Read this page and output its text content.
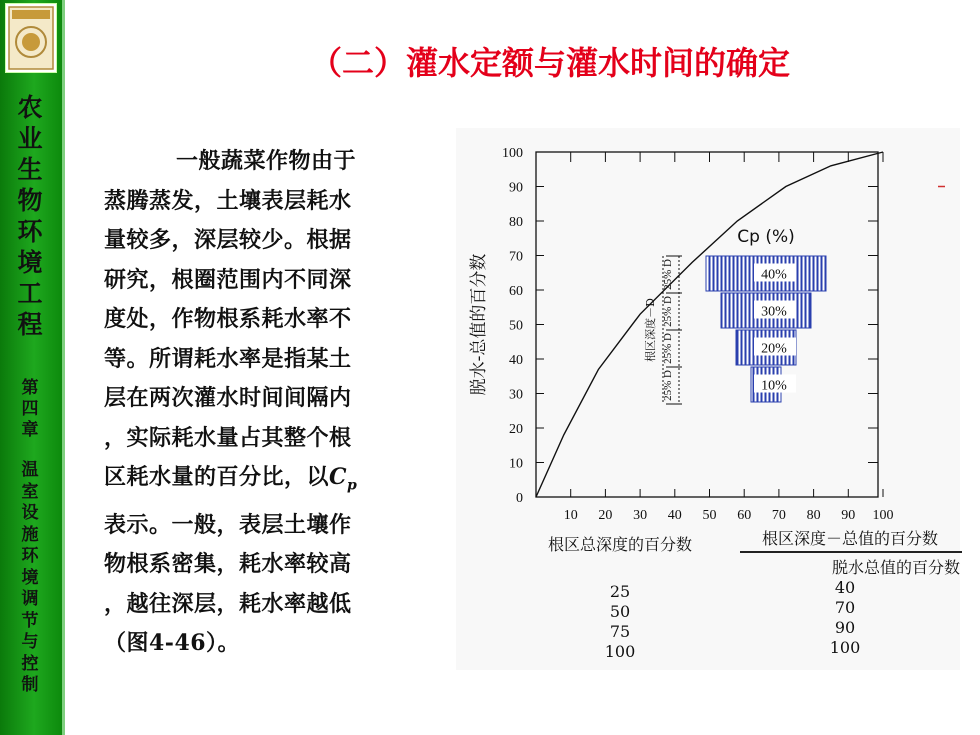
农
业
生
物
环
境
工
程
第
四
章
温
室
设
施
环
境
调
节
与
控
制
（二）灌水定额与灌水时间的确定
一般蔬菜作物由于
蒸腾蒸发，土壤表层耗水
量较多，深层较少。根据
研究，根圈范围内不同深
度处，作物根系耗水率不
等。所谓耗水率是指某土
层在两次灌水时间间隔内
，实际耗水量占其整个根
区耗水量的百分比，以$C_p$
表示。一般，表层土壤作
物根系密集，耗水率较高
，越往深层，耗水率越低
（图4-46）。
0
10
20
30
40
50
60
70
80
90
100
10 20 30 40 50 60 70 80 90 100
脱水-总值的百分数
Cp (%)
40%
25% D
30%
25% D
20%
25% D
10%
25% D
根区深度－D
根区总深度的百分数	根区深度－总值的百分数
脱水总值的百分数
25
50
75
100
40
70
90
100
